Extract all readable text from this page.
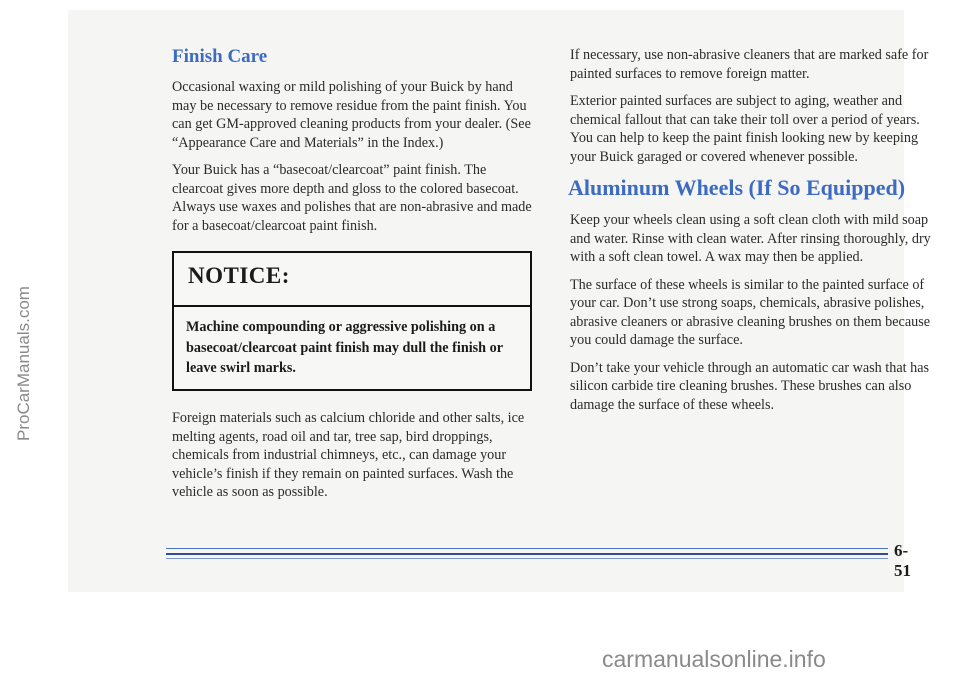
Finish Care

Occasional waxing or mild polishing of your Buick by hand may be necessary to remove residue from the paint finish. You can get GM-approved cleaning products from your dealer. (See “Appearance Care and Materials” in the Index.)

Your Buick has a “basecoat/clearcoat” paint finish. The clearcoat gives more depth and gloss to the colored basecoat. Always use waxes and polishes that are non-abrasive and made for a basecoat/clearcoat paint finish.

NOTICE:
Machine compounding or aggressive polishing on a basecoat/clearcoat paint finish may dull the finish or leave swirl marks.

Foreign materials such as calcium chloride and other salts, ice melting agents, road oil and tar, tree sap, bird droppings, chemicals from industrial chimneys, etc., can damage your vehicle’s finish if they remain on painted surfaces. Wash the vehicle as soon as possible.

If necessary, use non-abrasive cleaners that are marked safe for painted surfaces to remove foreign matter.

Exterior painted surfaces are subject to aging, weather and chemical fallout that can take their toll over a period of years. You can help to keep the paint finish looking new by keeping your Buick garaged or covered whenever possible.

Aluminum Wheels (If So Equipped)

Keep your wheels clean using a soft clean cloth with mild soap and water. Rinse with clean water. After rinsing thoroughly, dry with a soft clean towel. A wax may then be applied.

The surface of these wheels is similar to the painted surface of your car. Don’t use strong soaps, chemicals, abrasive polishes, abrasive cleaners or abrasive cleaning brushes on them because you could damage the surface.

Don’t take your vehicle through an automatic car wash that has silicon carbide tire cleaning brushes. These brushes can also damage the surface of these wheels.

6-51
ProCarManuals.com
carmanualsonline.info
